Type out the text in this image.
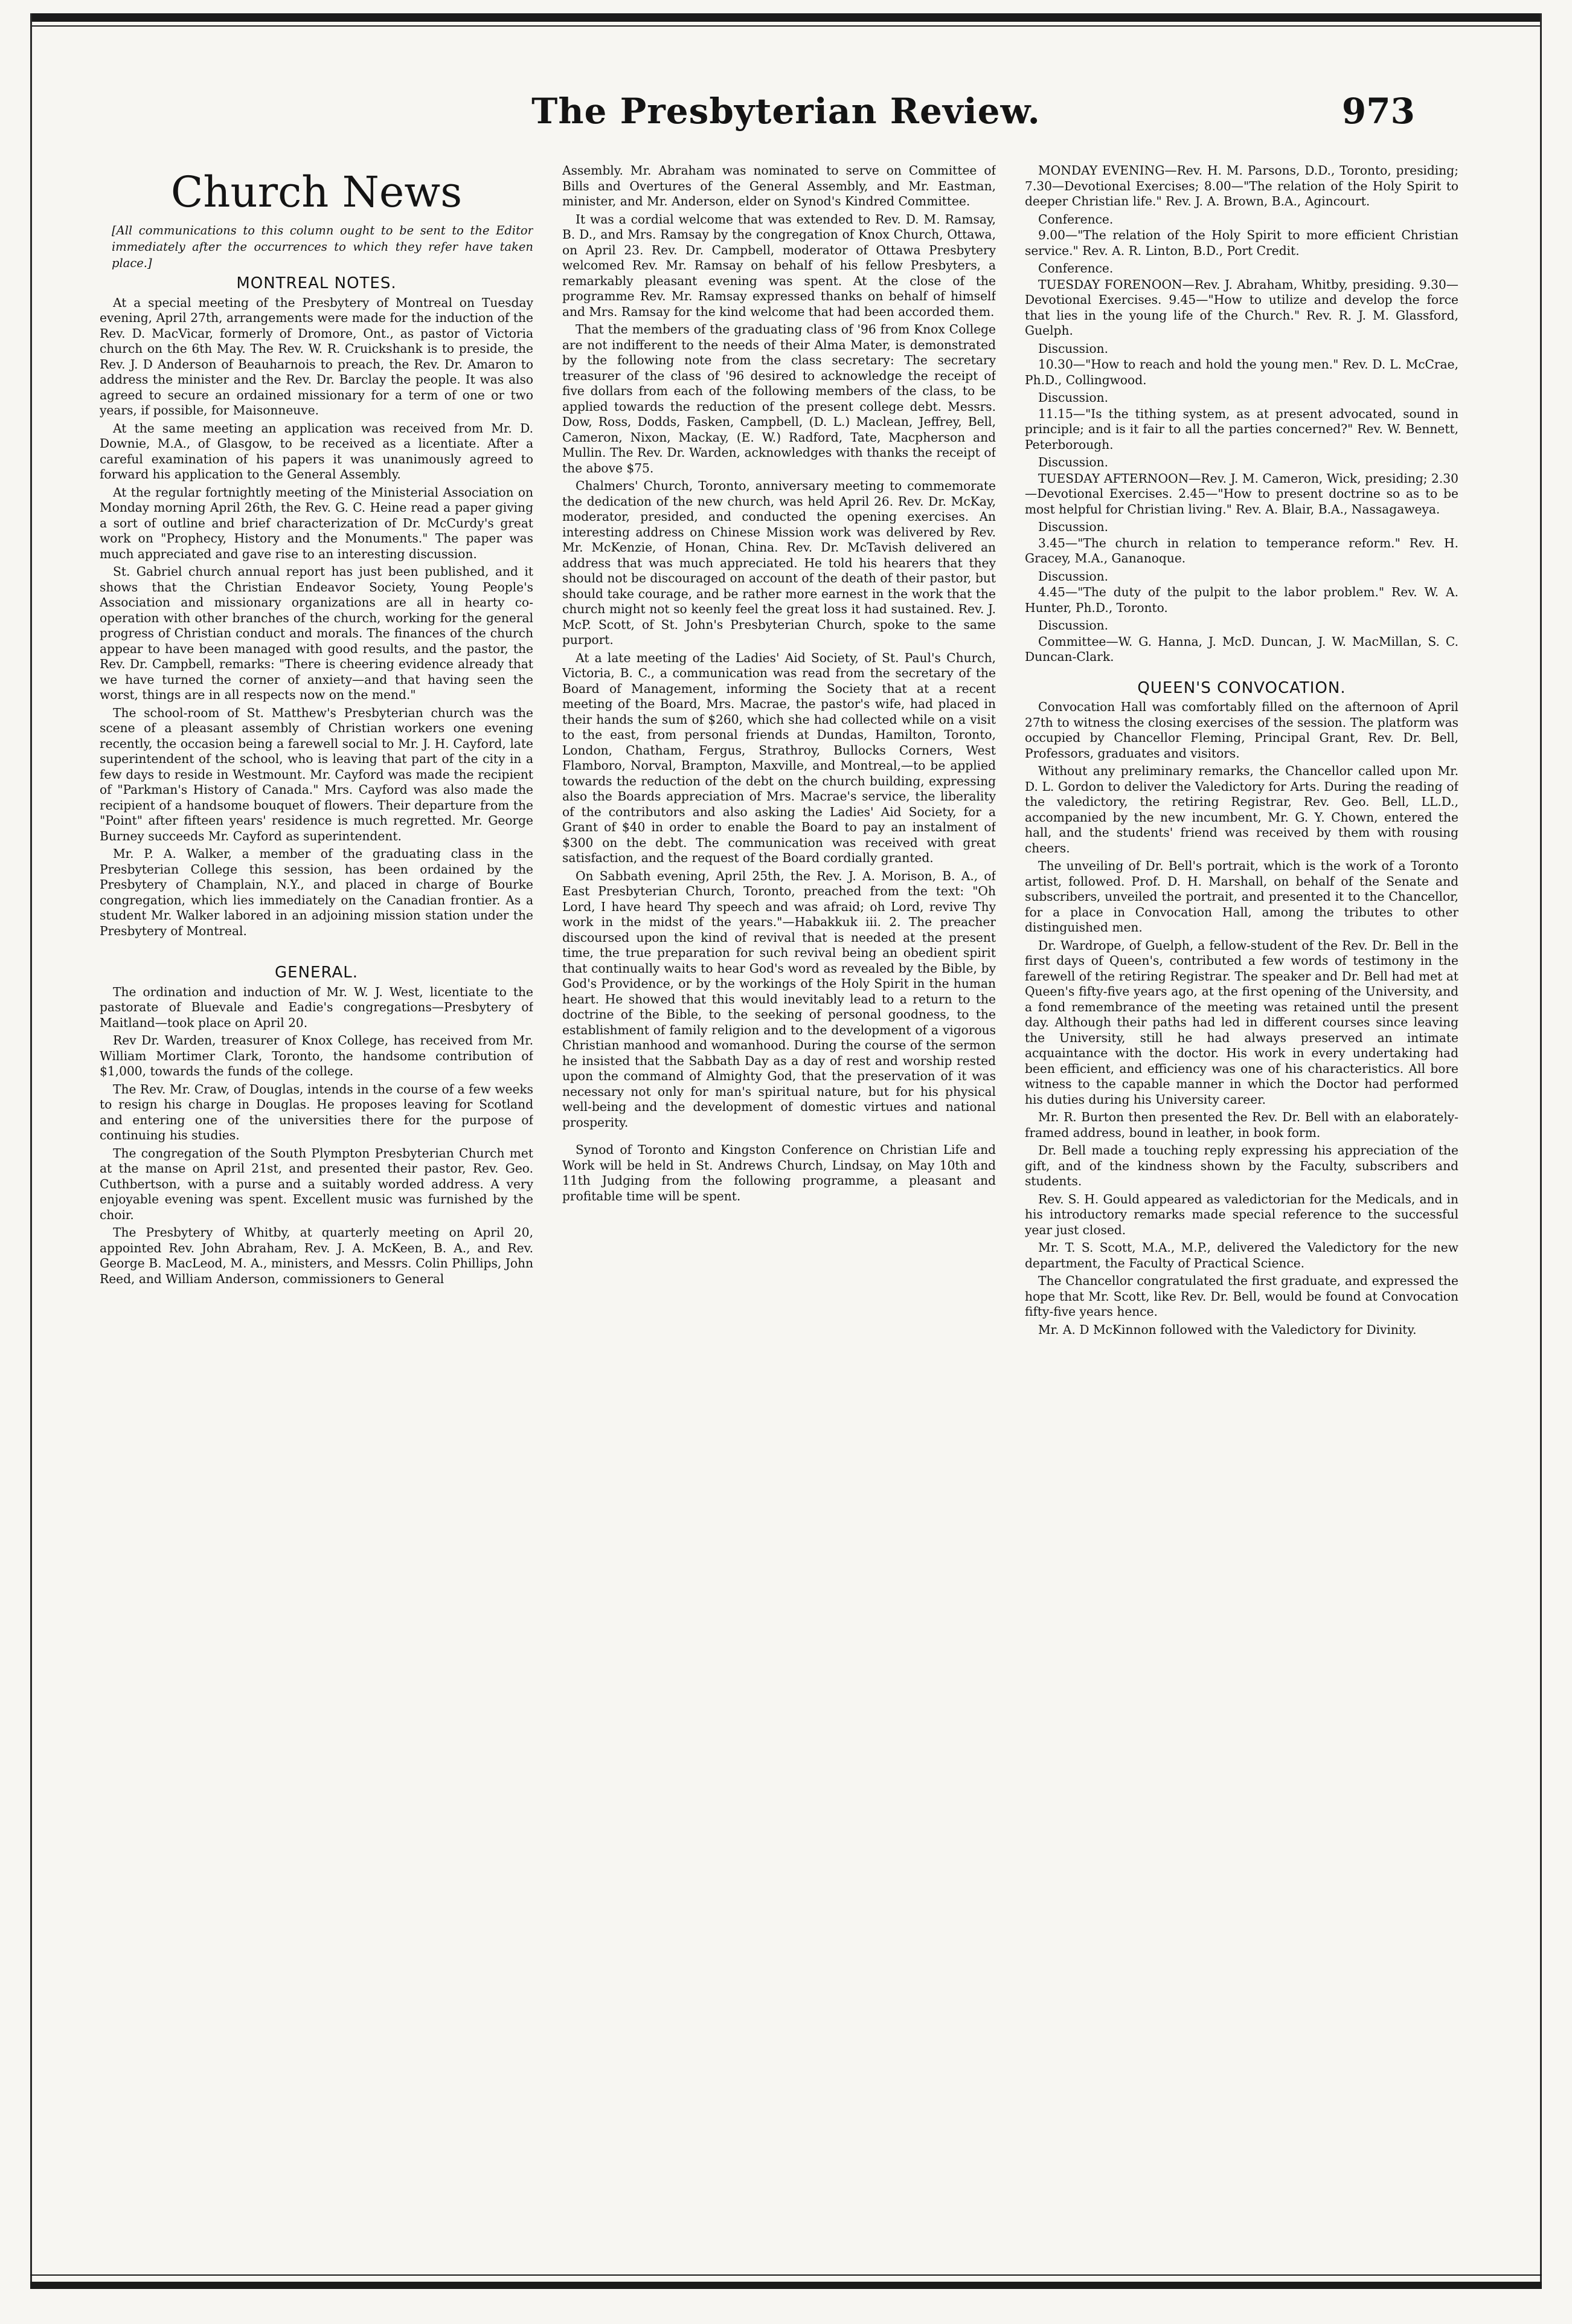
The Presbyterian Review.	973
Church News
[All communications to this column ought to be sent to the Editor immediately after the occurrences to which they refer have taken place.]
MONTREAL NOTES.

At a special meeting of the Presbytery of Montreal on Tuesday evening, April 27th, arrangements were made for the induction of the Rev. D. MacVicar, formerly of Dromore, Ont., as pastor of Victoria church on the 6th May. The Rev. W. R. Cruickshank is to preside, the Rev. J. D Anderson of Beauharnois to preach, the Rev. Dr. Amaron to address the minister and the Rev. Dr. Barclay the people. It was also agreed to secure an ordained missionary for a term of one or two years, if possible, for Maisonneuve.

At the same meeting an application was received from Mr. D. Downie, M.A., of Glasgow, to be received as a licentiate. After a careful examination of his papers it was unanimously agreed to forward his application to the General Assembly.

At the regular fortnightly meeting of the Ministerial Association on Monday morning April 26th, the Rev. G. C. Heine read a paper giving a sort of outline and brief characterization of Dr. McCurdy's great work on "Prophecy, History and the Monuments." The paper was much appreciated and gave rise to an interesting discussion.

St. Gabriel church annual report has just been published, and it shows that the Christian Endeavor Society, Young People's Association and missionary organizations are all in hearty co-operation with other branches of the church, working for the general progress of Christian conduct and morals. The finances of the church appear to have been managed with good results, and the pastor, the Rev. Dr. Campbell, remarks: "There is cheering evidence already that we have turned the corner of anxiety—and that having seen the worst, things are in all respects now on the mend."

The school-room of St. Matthew's Presbyterian church was the scene of a pleasant assembly of Christian workers one evening recently, the occasion being a farewell social to Mr. J. H. Cayford, late superintendent of the school, who is leaving that part of the city in a few days to reside in Westmount. Mr. Cayford was made the recipient of "Parkman's History of Canada." Mrs. Cayford was also made the recipient of a handsome bouquet of flowers. Their departure from the "Point" after fifteen years' residence is much regretted. Mr. George Burney succeeds Mr. Cayford as superintendent.

Mr. P. A. Walker, a member of the graduating class in the Presbyterian College this session, has been ordained by the Presbytery of Champlain, N.Y., and placed in charge of Bourke congregation, which lies immediately on the Canadian frontier. As a student Mr. Walker labored in an adjoining mission station under the Presbytery of Montreal.

GENERAL.

The ordination and induction of Mr. W. J. West, licentiate to the pastorate of Bluevale and Eadie's congregations—Presbytery of Maitland—took place on April 20.

Rev Dr. Warden, treasurer of Knox College, has received from Mr. William Mortimer Clark, Toronto, the handsome contribution of $1,000, towards the funds of the college.

The Rev. Mr. Craw, of Douglas, intends in the course of a few weeks to resign his charge in Douglas. He proposes leaving for Scotland and entering one of the universities there for the purpose of continuing his studies.

The congregation of the South Plympton Presbyterian Church met at the manse on April 21st, and presented their pastor, Rev. Geo. Cuthbertson, with a purse and a suitably worded address. A very enjoyable evening was spent. Excellent music was furnished by the choir.

The Presbytery of Whitby, at quarterly meeting on April 20, appointed Rev. John Abraham, Rev. J. A. McKeen, B. A., and Rev. George B. MacLeod, M. A., ministers, and Messrs. Colin Phillips, John Reed, and William Anderson, commissioners to General

Assembly. Mr. Abraham was nominated to serve on Committee of Bills and Overtures of the General Assembly, and Mr. Eastman, minister, and Mr. Anderson, elder on Synod's Kindred Committee.

It was a cordial welcome that was extended to Rev. D. M. Ramsay, B. D., and Mrs. Ramsay by the congregation of Knox Church, Ottawa, on April 23. Rev. Dr. Campbell, moderator of Ottawa Presbytery welcomed Rev. Mr. Ramsay on behalf of his fellow Presbyters, a remarkably pleasant evening was spent. At the close of the programme Rev. Mr. Ramsay expressed thanks on behalf of himself and Mrs. Ramsay for the kind welcome that had been accorded them.

That the members of the graduating class of '96 from Knox College are not indifferent to the needs of their Alma Mater, is demonstrated by the following note from the class secretary: The secretary treasurer of the class of '96 desired to acknowledge the receipt of five dollars from each of the following members of the class, to be applied towards the reduction of the present college debt. Messrs. Dow, Ross, Dodds, Fasken, Campbell, (D. L.) Maclean, Jeffrey, Bell, Cameron, Nixon, Mackay, (E. W.) Radford, Tate, Macpherson and Mullin. The Rev. Dr. Warden, acknowledges with thanks the receipt of the above $75.

Chalmers' Church, Toronto, anniversary meeting to commemorate the dedication of the new church, was held April 26. Rev. Dr. McKay, moderator, presided, and conducted the opening exercises. An interesting address on Chinese Mission work was delivered by Rev. Mr. McKenzie, of Honan, China. Rev. Dr. McTavish delivered an address that was much appreciated. He told his hearers that they should not be discouraged on account of the death of their pastor, but should take courage, and be rather more earnest in the work that the church might not so keenly feel the great loss it had sustained. Rev. J. McP. Scott, of St. John's Presbyterian Church, spoke to the same purport.

At a late meeting of the Ladies' Aid Society, of St. Paul's Church, Victoria, B. C., a communication was read from the secretary of the Board of Management, informing the Society that at a recent meeting of the Board, Mrs. Macrae, the pastor's wife, had placed in their hands the sum of $260, which she had collected while on a visit to the east, from personal friends at Dundas, Hamilton, Toronto, London, Chatham, Fergus, Strathroy, Bullocks Corners, West Flamboro, Norval, Brampton, Maxville, and Montreal,—to be applied towards the reduction of the debt on the church building, expressing also the Boards appreciation of Mrs. Macrae's service, the liberality of the contributors and also asking the Ladies' Aid Society, for a Grant of $40 in order to enable the Board to pay an instalment of $300 on the debt. The communication was received with great satisfaction, and the request of the Board cordially granted.

On Sabbath evening, April 25th, the Rev. J. A. Morison, B. A., of East Presbyterian Church, Toronto, preached from the text: "Oh Lord, I have heard Thy speech and was afraid; oh Lord, revive Thy work in the midst of the years."—Habakkuk iii. 2. The preacher discoursed upon the kind of revival that is needed at the present time, the true preparation for such revival being an obedient spirit that continually waits to hear God's word as revealed by the Bible, by God's Providence, or by the workings of the Holy Spirit in the human heart. He showed that this would inevitably lead to a return to the doctrine of the Bible, to the seeking of personal goodness, to the establishment of family religion and to the development of a vigorous Christian manhood and womanhood. During the course of the sermon he insisted that the Sabbath Day as a day of rest and worship rested upon the command of Almighty God, that the preservation of it was necessary not only for man's spiritual nature, but for his physical well-being and the development of domestic virtues and national prosperity.

Synod of Toronto and Kingston Conference on Christian Life and Work will be held in St. Andrews Church, Lindsay, on May 10th and 11th Judging from the following programme, a pleasant and profitable time will be spent.

MONDAY EVENING—Rev. H. M. Parsons, D.D., Toronto, presiding; 7.30—Devotional Exercises; 8.00—"The relation of the Holy Spirit to deeper Christian life." Rev. J. A. Brown, B.A., Agincourt.

Conference.

9.00—"The relation of the Holy Spirit to more efficient Christian service." Rev. A. R. Linton, B.D., Port Credit.

Conference.

TUESDAY FORENOON—Rev. J. Abraham, Whitby, presiding. 9.30—Devotional Exercises. 9.45—"How to utilize and develop the force that lies in the young life of the Church." Rev. R. J. M. Glassford, Guelph.

Discussion.

10.30—"How to reach and hold the young men." Rev. D. L. McCrae, Ph.D., Collingwood.

Discussion.

11.15—"Is the tithing system, as at present advocated, sound in principle; and is it fair to all the parties concerned?" Rev. W. Bennett, Peterborough.

Discussion.

TUESDAY AFTERNOON—Rev. J. M. Cameron, Wick, presiding; 2.30—Devotional Exercises. 2.45—"How to present doctrine so as to be most helpful for Christian living." Rev. A. Blair, B.A., Nassagaweya.

Discussion.

3.45—"The church in relation to temperance reform." Rev. H. Gracey, M.A., Gananoque.

Discussion.

4.45—"The duty of the pulpit to the labor problem." Rev. W. A. Hunter, Ph.D., Toronto.

Discussion.

Committee—W. G. Hanna, J. McD. Duncan, J. W. MacMillan, S. C. Duncan-Clark.

QUEEN'S CONVOCATION.

Convocation Hall was comfortably filled on the afternoon of April 27th to witness the closing exercises of the session. The platform was occupied by Chancellor Fleming, Principal Grant, Rev. Dr. Bell, Professors, graduates and visitors.

Without any preliminary remarks, the Chancellor called upon Mr. D. L. Gordon to deliver the Valedictory for Arts. During the reading of the valedictory, the retiring Registrar, Rev. Geo. Bell, LL.D., accompanied by the new incumbent, Mr. G. Y. Chown, entered the hall, and the students' friend was received by them with rousing cheers.

The unveiling of Dr. Bell's portrait, which is the work of a Toronto artist, followed. Prof. D. H. Marshall, on behalf of the Senate and subscribers, unveiled the portrait, and presented it to the Chancellor, for a place in Convocation Hall, among the tributes to other distinguished men.

Dr. Wardrope, of Guelph, a fellow-student of the Rev. Dr. Bell in the first days of Queen's, contributed a few words of testimony in the farewell of the retiring Registrar. The speaker and Dr. Bell had met at Queen's fifty-five years ago, at the first opening of the University, and a fond remembrance of the meeting was retained until the present day. Although their paths had led in different courses since leaving the University, still he had always preserved an intimate acquaintance with the doctor. His work in every undertaking had been efficient, and efficiency was one of his characteristics. All bore witness to the capable manner in which the Doctor had performed his duties during his University career.

Mr. R. Burton then presented the Rev. Dr. Bell with an elaborately-framed address, bound in leather, in book form.

Dr. Bell made a touching reply expressing his appreciation of the gift, and of the kindness shown by the Faculty, subscribers and students.

Rev. S. H. Gould appeared as valedictorian for the Medicals, and in his introductory remarks made special reference to the successful year just closed.

Mr. T. S. Scott, M.A., M.P., delivered the Valedictory for the new department, the Faculty of Practical Science.

The Chancellor congratulated the first graduate, and expressed the hope that Mr. Scott, like Rev. Dr. Bell, would be found at Convocation fifty-five years hence.

Mr. A. D McKinnon followed with the Valedictory for Divinity.
